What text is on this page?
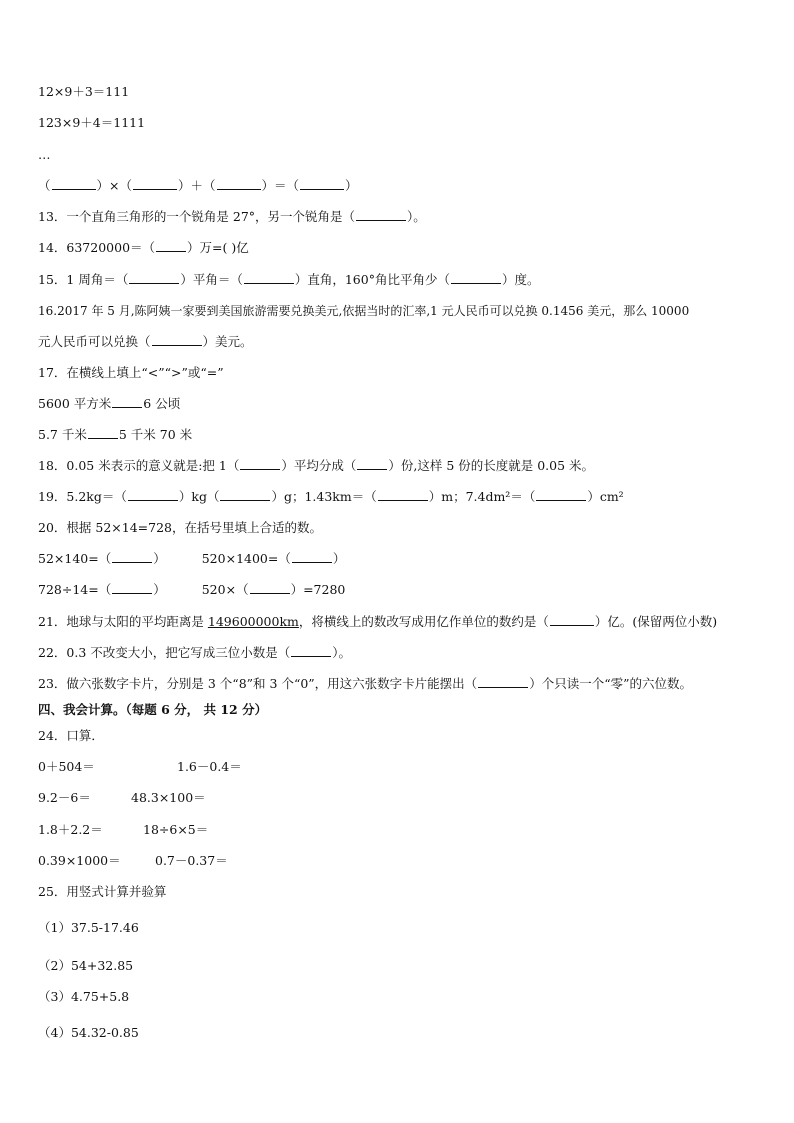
12×9＋3＝111
123×9＋4＝1111
…
（	）×（	）＋（	）＝（	）
13．一个直角三角形的一个锐角是 27°，另一个锐角是（	）。
14．63720000＝（	）万=( )亿
15．1 周角＝（	）平角＝（	）直角，160°角比平角少（	）度。
16.2017 年 5 月,陈阿姨一家要到美国旅游需要兑换美元,依据当时的汇率,1 元人民币可以兑换 0.1456 美元，那么 10000
元人民币可以兑换（	）美元。
17．在横线上填上“<”“>”或“=”
5600 平方米	6 公顷
5.7 千米	5 千米 70 米
18．0.05 米表示的意义就是:把 1（	）平均分成（	）份,这样 5 份的长度就是 0.05 米。
19．5.2kg＝（	）kg（	）g；1.43km＝（	）m；7.4dm²＝（	）cm²
20．根据 52×14=728，在括号里填上合适的数。
52×140=（	）	520×1400=（	）
728÷14=（	）	520×（	）=7280
21．地球与太阳的平均距离是 149600000km，将横线上的数改写成用亿作单位的数约是（	）亿。(保留两位小数)
22．0.3 不改变大小，把它写成三位小数是（	）。
23．做六张数字卡片，分别是 3 个“8”和 3 个“0”，用这六张数字卡片能摆出（	）个只读一个“零”的六位数。
四、我会计算。（每题 6 分， 共 12 分）
24．口算．
0＋504＝	1.6－0.4＝
9.2－6＝	48.3×100＝
1.8＋2.2＝	18÷6×5＝
0.39×1000＝	0.7－0.37＝
25．用竖式计算并验算
（1）37.5-17.46
（2）54+32.85
（3）4.75+5.8
（4）54.32-0.85
